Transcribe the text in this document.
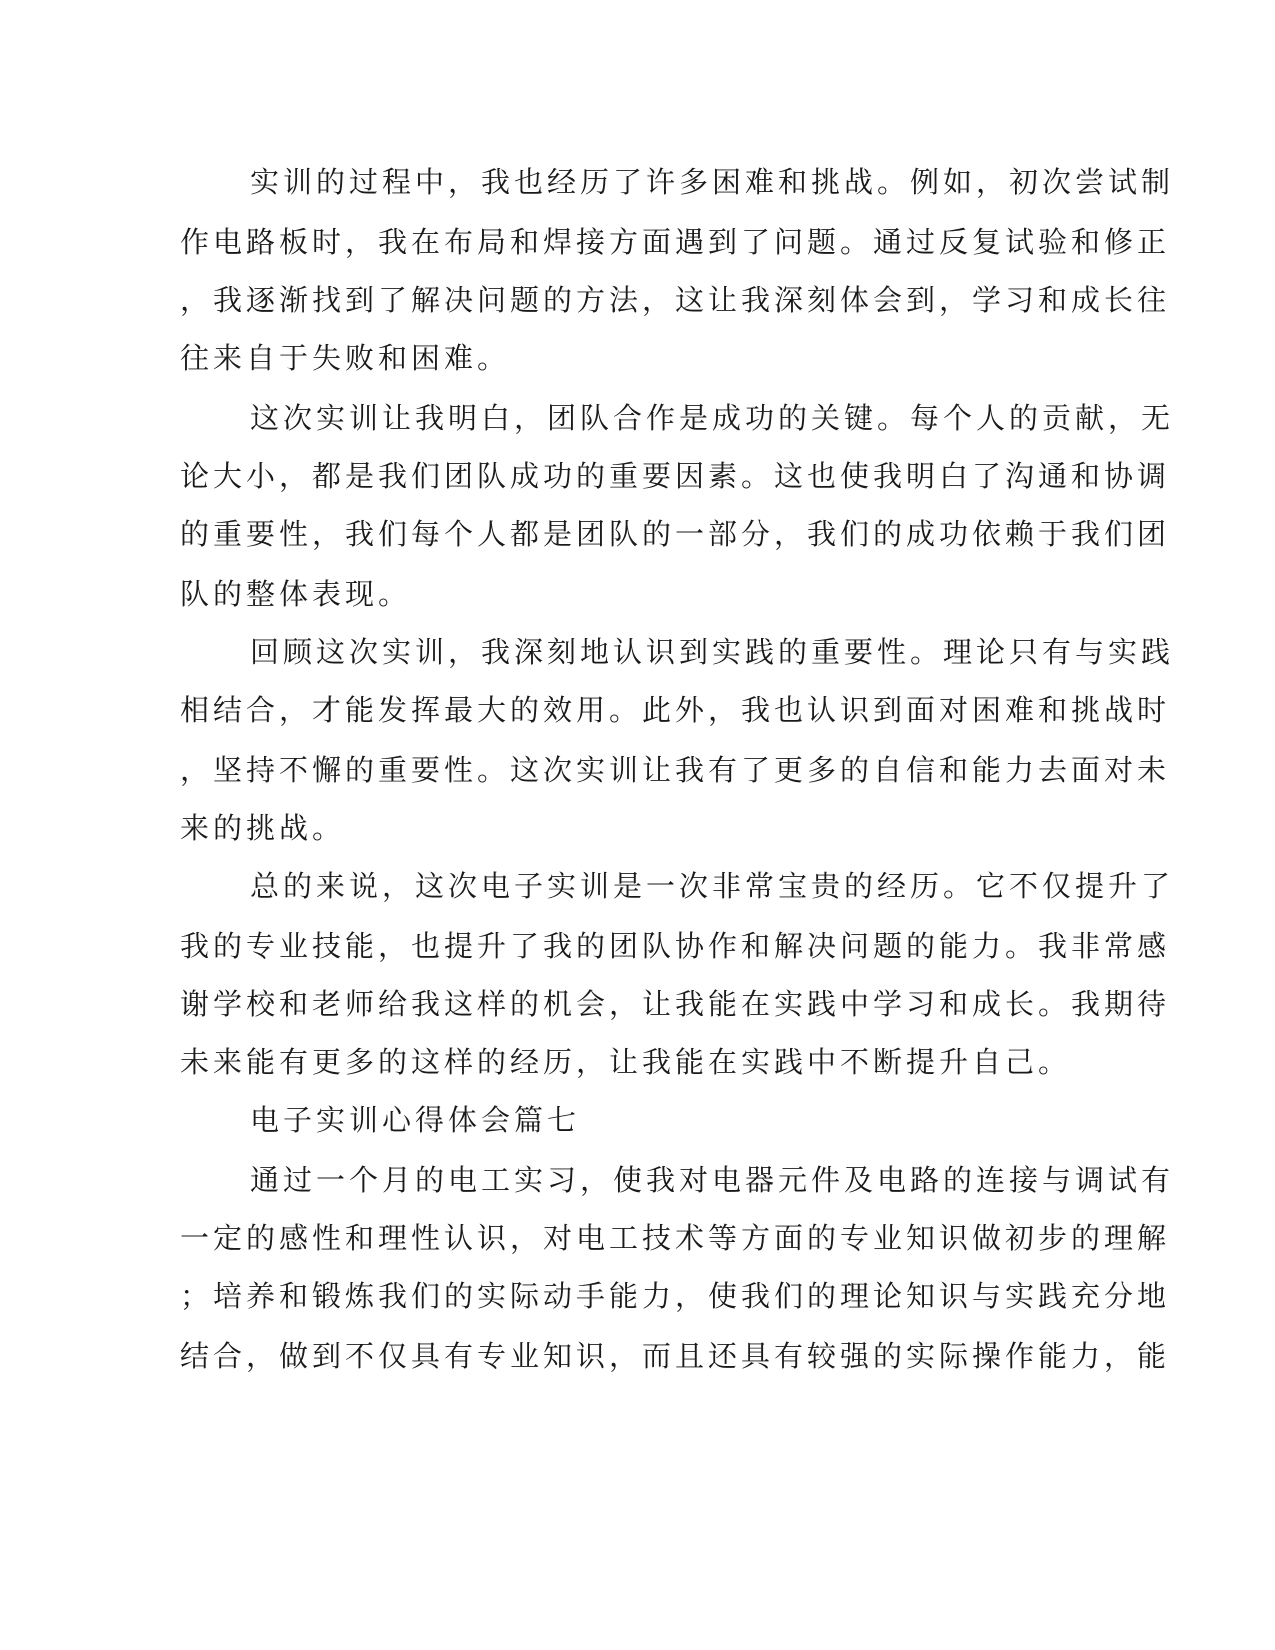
实训的过程中，我也经历了许多困难和挑战。例如，初次尝试制
作电路板时，我在布局和焊接方面遇到了问题。通过反复试验和修正
，我逐渐找到了解决问题的方法，这让我深刻体会到，学习和成长往
往来自于失败和困难。
这次实训让我明白，团队合作是成功的关键。每个人的贡献，无
论大小，都是我们团队成功的重要因素。这也使我明白了沟通和协调
的重要性，我们每个人都是团队的一部分，我们的成功依赖于我们团
队的整体表现。
回顾这次实训，我深刻地认识到实践的重要性。理论只有与实践
相结合，才能发挥最大的效用。此外，我也认识到面对困难和挑战时
，坚持不懈的重要性。这次实训让我有了更多的自信和能力去面对未
来的挑战。
总的来说，这次电子实训是一次非常宝贵的经历。它不仅提升了
我的专业技能，也提升了我的团队协作和解决问题的能力。我非常感
谢学校和老师给我这样的机会，让我能在实践中学习和成长。我期待
未来能有更多的这样的经历，让我能在实践中不断提升自己。
电子实训心得体会篇七
通过一个月的电工实习，使我对电器元件及电路的连接与调试有
一定的感性和理性认识，对电工技术等方面的专业知识做初步的理解
；培养和锻炼我们的实际动手能力，使我们的理论知识与实践充分地
结合，做到不仅具有专业知识，而且还具有较强的实际操作能力，能
